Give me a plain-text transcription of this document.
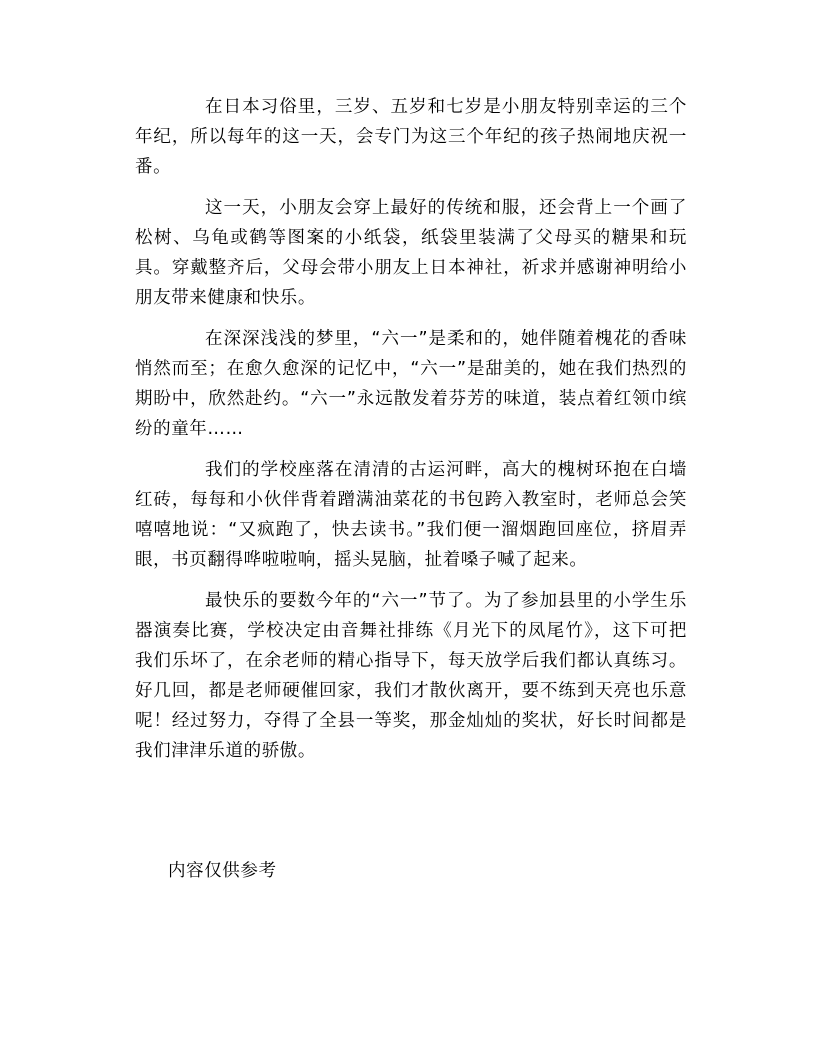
在日本习俗里，三岁、五岁和七岁是小朋友特别幸运的三个年纪，所以每年的这一天，会专门为这三个年纪的孩子热闹地庆祝一番。

这一天，小朋友会穿上最好的传统和服，还会背上一个画了松树、乌龟或鹤等图案的小纸袋，纸袋里装满了父母买的糖果和玩具。穿戴整齐后，父母会带小朋友上日本神社，祈求并感谢神明给小朋友带来健康和快乐。

在深深浅浅的梦里，“六一”是柔和的，她伴随着槐花的香味悄然而至；在愈久愈深的记忆中，“六一”是甜美的，她在我们热烈的期盼中，欣然赴约。“六一”永远散发着芬芳的味道，装点着红领巾缤纷的童年……

我们的学校座落在清清的古运河畔，高大的槐树环抱在白墙红砖，每每和小伙伴背着蹭满油菜花的书包跨入教室时，老师总会笑嘻嘻地说：“又疯跑了，快去读书。”我们便一溜烟跑回座位，挤眉弄眼，书页翻得哗啦啦响，摇头晃脑，扯着嗓子喊了起来。

最快乐的要数今年的“六一”节了。为了参加县里的小学生乐器演奏比赛，学校决定由音舞社排练《月光下的凤尾竹》，这下可把我们乐坏了，在余老师的精心指导下，每天放学后我们都认真练习。好几回，都是老师硬催回家，我们才散伙离开，要不练到天亮也乐意呢！经过努力，夺得了全县一等奖，那金灿灿的奖状，好长时间都是我们津津乐道的骄傲。

内容仅供参考
